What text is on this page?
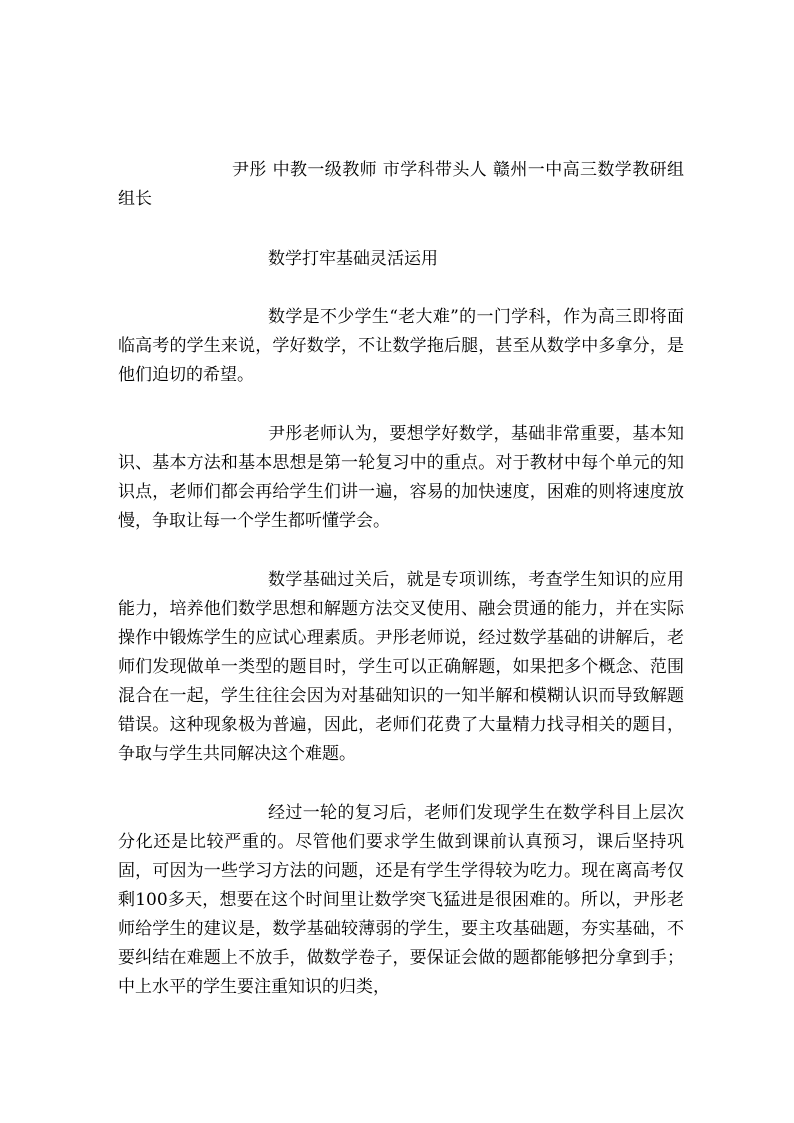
尹彤 中教一级教师 市学科带头人 赣州一中高三数学教研组组长

数学打牢基础灵活运用

数学是不少学生“老大难”的一门学科，作为高三即将面临高考的学生来说，学好数学，不让数学拖后腿，甚至从数学中多拿分，是他们迫切的希望。

尹彤老师认为，要想学好数学，基础非常重要，基本知识、基本方法和基本思想是第一轮复习中的重点。对于教材中每个单元的知识点，老师们都会再给学生们讲一遍，容易的加快速度，困难的则将速度放慢，争取让每一个学生都听懂学会。

数学基础过关后，就是专项训练，考查学生知识的应用能力，培养他们数学思想和解题方法交叉使用、融会贯通的能力，并在实际操作中锻炼学生的应试心理素质。尹彤老师说，经过数学基础的讲解后，老师们发现做单一类型的题目时，学生可以正确解题，如果把多个概念、范围混合在一起，学生往往会因为对基础知识的一知半解和模糊认识而导致解题错误。这种现象极为普遍，因此，老师们花费了大量精力找寻相关的题目，争取与学生共同解决这个难题。

经过一轮的复习后，老师们发现学生在数学科目上层次分化还是比较严重的。尽管他们要求学生做到课前认真预习，课后坚持巩固，可因为一些学习方法的问题，还是有学生学得较为吃力。现在离高考仅剩100多天，想要在这个时间里让数学突飞猛进是很困难的。所以，尹彤老师给学生的建议是，数学基础较薄弱的学生，要主攻基础题，夯实基础，不要纠结在难题上不放手，做数学卷子，要保证会做的题都能够把分拿到手；中上水平的学生要注重知识的归类，
